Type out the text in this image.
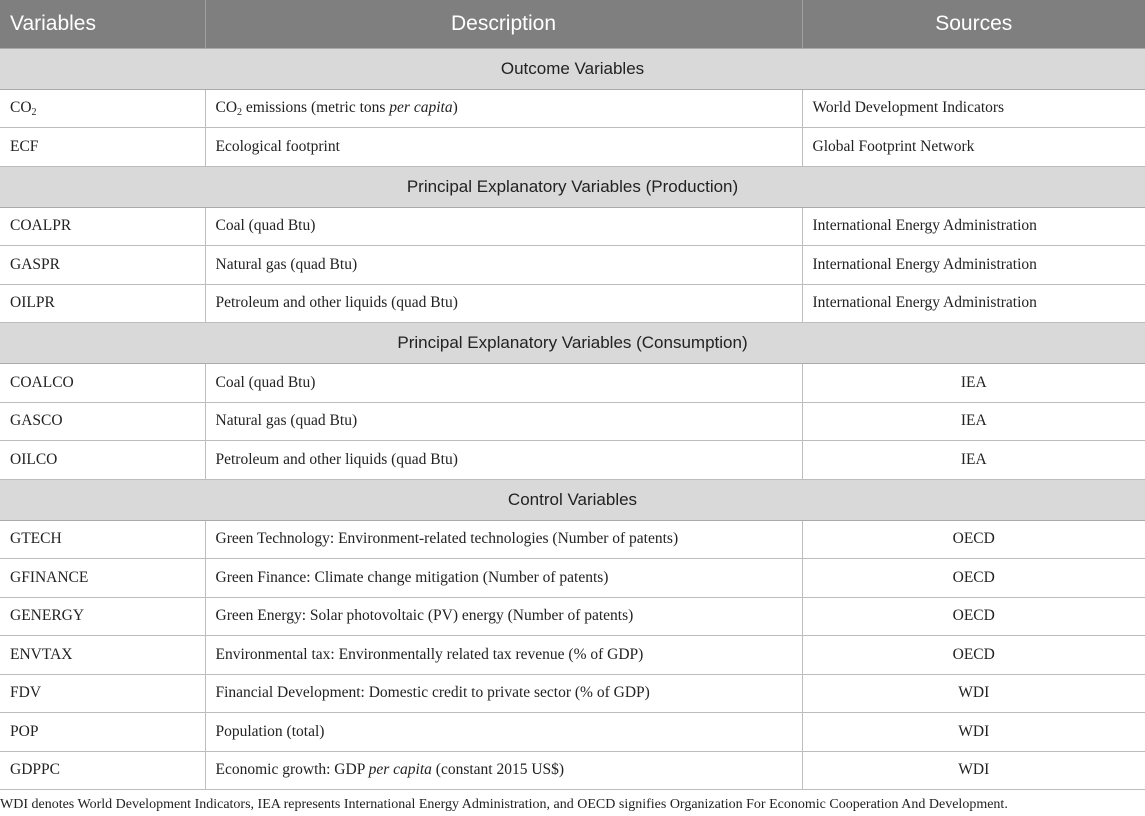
Variables	Description	Sources
Outcome Variables		
$CO_2$	$CO_2$ emissions (metric tons per capita)	World Development Indicators
ECF	Ecological footprint	Global Footprint Network
Principal Explanatory Variables (Production)		
COALPR	Coal (quad Btu)	International Energy Administration
GASPR	Natural gas (quad Btu)	International Energy Administration
OILPR	Petroleum and other liquids (quad Btu)	International Energy Administration
Principal Explanatory Variables (Consumption)		
COALCO	Coal (quad Btu)	IEA
GASCO	Natural gas (quad Btu)	IEA
OILCO	Petroleum and other liquids (quad Btu)	IEA
Control Variables		
GTECH	Green Technology: Environment-related technologies (Number of patents)	OECD
GFINANCE	Green Finance: Climate change mitigation (Number of patents)	OECD
GENERGY	Green Energy: Solar photovoltaic (PV) energy (Number of patents)	OECD
ENVTAX	Environmental tax: Environmentally related tax revenue (% of GDP)	OECD
FDV	Financial Development: Domestic credit to private sector (% of GDP)	WDI
POP	Population (total)	WDI
GDPPC	Economic growth: GDP per capita (constant 2015 US$)	WDI
WDI denotes World Development Indicators, IEA represents International Energy Administration, and OECD signifies Organization For Economic Cooperation And Development.
